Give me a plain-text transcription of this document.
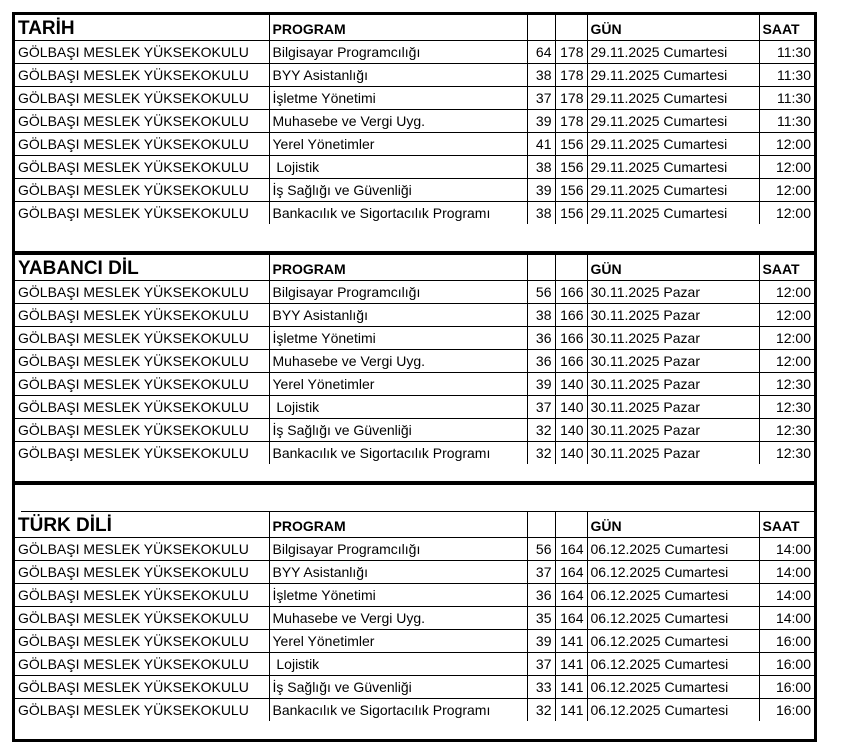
TARİH	PROGRAM			GÜN	SAAT
GÖLBAŞI MESLEK YÜKSEKOKULU	Bilgisayar Programcılığı	64	178	29.11.2025 Cumartesi	11:30
GÖLBAŞI MESLEK YÜKSEKOKULU	BYY Asistanlığı	38	178	29.11.2025 Cumartesi	11:30
GÖLBAŞI MESLEK YÜKSEKOKULU	İşletme Yönetimi	37	178	29.11.2025 Cumartesi	11:30
GÖLBAŞI MESLEK YÜKSEKOKULU	Muhasebe ve Vergi Uyg.	39	178	29.11.2025 Cumartesi	11:30
GÖLBAŞI MESLEK YÜKSEKOKULU	Yerel Yönetimler	41	156	29.11.2025 Cumartesi	12:00
GÖLBAŞI MESLEK YÜKSEKOKULU	Lojistik	38	156	29.11.2025 Cumartesi	12:00
GÖLBAŞI MESLEK YÜKSEKOKULU	İş Sağlığı ve Güvenliği	39	156	29.11.2025 Cumartesi	12:00
GÖLBAŞI MESLEK YÜKSEKOKULU	Bankacılık ve Sigortacılık Programı	38	156	29.11.2025 Cumartesi	12:00
YABANCI DİL	PROGRAM			GÜN	SAAT
GÖLBAŞI MESLEK YÜKSEKOKULU	Bilgisayar Programcılığı	56	166	30.11.2025 Pazar	12:00
GÖLBAŞI MESLEK YÜKSEKOKULU	BYY Asistanlığı	38	166	30.11.2025 Pazar	12:00
GÖLBAŞI MESLEK YÜKSEKOKULU	İşletme Yönetimi	36	166	30.11.2025 Pazar	12:00
GÖLBAŞI MESLEK YÜKSEKOKULU	Muhasebe ve Vergi Uyg.	36	166	30.11.2025 Pazar	12:00
GÖLBAŞI MESLEK YÜKSEKOKULU	Yerel Yönetimler	39	140	30.11.2025 Pazar	12:30
GÖLBAŞI MESLEK YÜKSEKOKULU	Lojistik	37	140	30.11.2025 Pazar	12:30
GÖLBAŞI MESLEK YÜKSEKOKULU	İş Sağlığı ve Güvenliği	32	140	30.11.2025 Pazar	12:30
GÖLBAŞI MESLEK YÜKSEKOKULU	Bankacılık ve Sigortacılık Programı	32	140	30.11.2025 Pazar	12:30
TÜRK DİLİ	PROGRAM			GÜN	SAAT
GÖLBAŞI MESLEK YÜKSEKOKULU	Bilgisayar Programcılığı	56	164	06.12.2025 Cumartesi	14:00
GÖLBAŞI MESLEK YÜKSEKOKULU	BYY Asistanlığı	37	164	06.12.2025 Cumartesi	14:00
GÖLBAŞI MESLEK YÜKSEKOKULU	İşletme Yönetimi	36	164	06.12.2025 Cumartesi	14:00
GÖLBAŞI MESLEK YÜKSEKOKULU	Muhasebe ve Vergi Uyg.	35	164	06.12.2025 Cumartesi	14:00
GÖLBAŞI MESLEK YÜKSEKOKULU	Yerel Yönetimler	39	141	06.12.2025 Cumartesi	16:00
GÖLBAŞI MESLEK YÜKSEKOKULU	Lojistik	37	141	06.12.2025 Cumartesi	16:00
GÖLBAŞI MESLEK YÜKSEKOKULU	İş Sağlığı ve Güvenliği	33	141	06.12.2025 Cumartesi	16:00
GÖLBAŞI MESLEK YÜKSEKOKULU	Bankacılık ve Sigortacılık Programı	32	141	06.12.2025 Cumartesi	16:00
